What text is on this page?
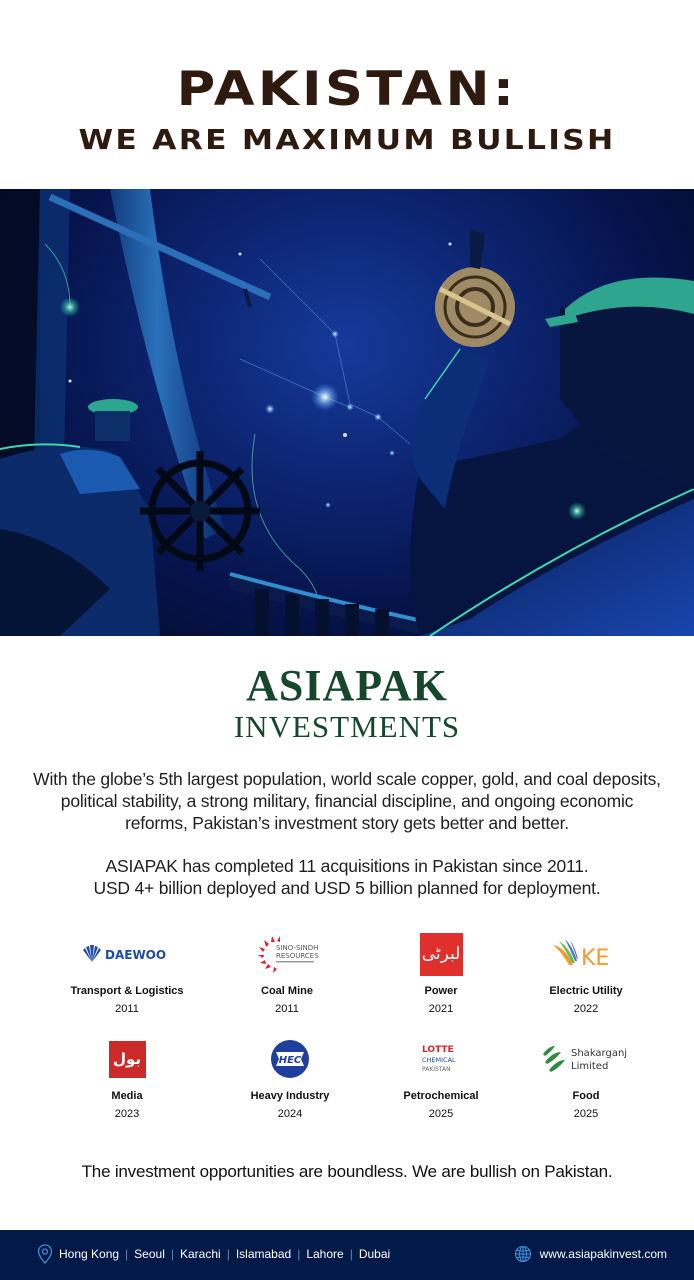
PAKISTAN:
WE ARE MAXIMUM BULLISH
ASIAPAK
INVESTMENTS
With the globe’s 5th largest population, world scale copper, gold, and coal deposits, political stability, a strong military, financial discipline, and ongoing economic reforms, Pakistan’s investment story gets better and better.
ASIAPAK has completed 11 acquisitions in Pakistan since 2011.
USD 4+ billion deployed and USD 5 billion planned for deployment.
DAEWOO
Transport & Logistics
2011
SINO-SINDH
RESOURCES
Coal Mine
2011
لبرٹی
Power
2021
KE
Electric Utility
2022
بول
Media
2023
HEC
Heavy Industry
2024
LOTTE
CHEMICAL
PAKISTAN
Petrochemical
2025
Shakarganj
Limited
Food
2025
The investment opportunities are boundless. We are bullish on Pakistan.
Hong Kong | Seoul | Karachi | Islamabad | Lahore | Dubai	www.asiapakinvest.com
